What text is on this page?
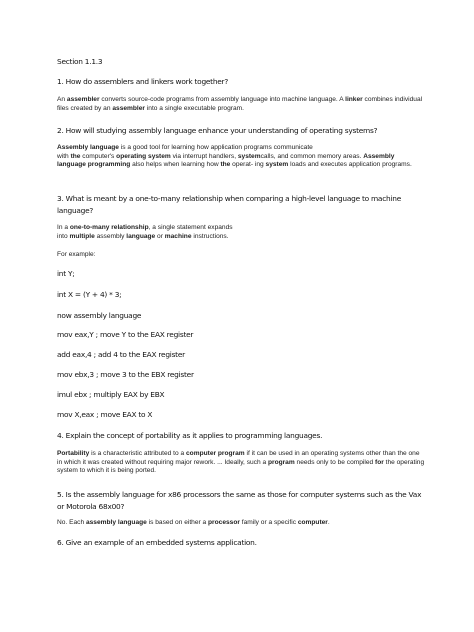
Section 1.1.3
1. How do assemblers and linkers work together?
An assembler converts source-code programs from assembly language into machine language. A linker combines individual files created by an assembler into a single executable program.
2. How will studying assembly language enhance your understanding of operating systems?
Assembly language is a good tool for learning how application programs communicate
with the computer's operating system via interrupt handlers, systemcalls, and common memory areas. Assembly language programming also helps when learning how the operat- ing system loads and executes application programs.
3. What is meant by a one-to-many relationship when comparing a high-level language to machine language?
In a one-to-many relationship, a single statement expands
into multiple assembly language or machine instructions.
For example:
int Y;
int X = (Y + 4) * 3;
now assembly language
mov eax,Y ; move Y to the EAX register
add eax,4 ; add 4 to the EAX register
mov ebx,3 ; move 3 to the EBX register
imul ebx ; multiply EAX by EBX
mov X,eax ; move EAX to X
4. Explain the concept of portability as it applies to programming languages.
Portability is a characteristic attributed to a computer program if it can be used in an operating systems other than the one in which it was created without requiring major rework. ... Ideally, such a program needs only to be compiled for the operating system to which it is being ported.
5. Is the assembly language for x86 processors the same as those for computer systems such as the Vax or Motorola 68x00?
No. Each assembly language is based on either a processor family or a specific computer.
6. Give an example of an embedded systems application.
